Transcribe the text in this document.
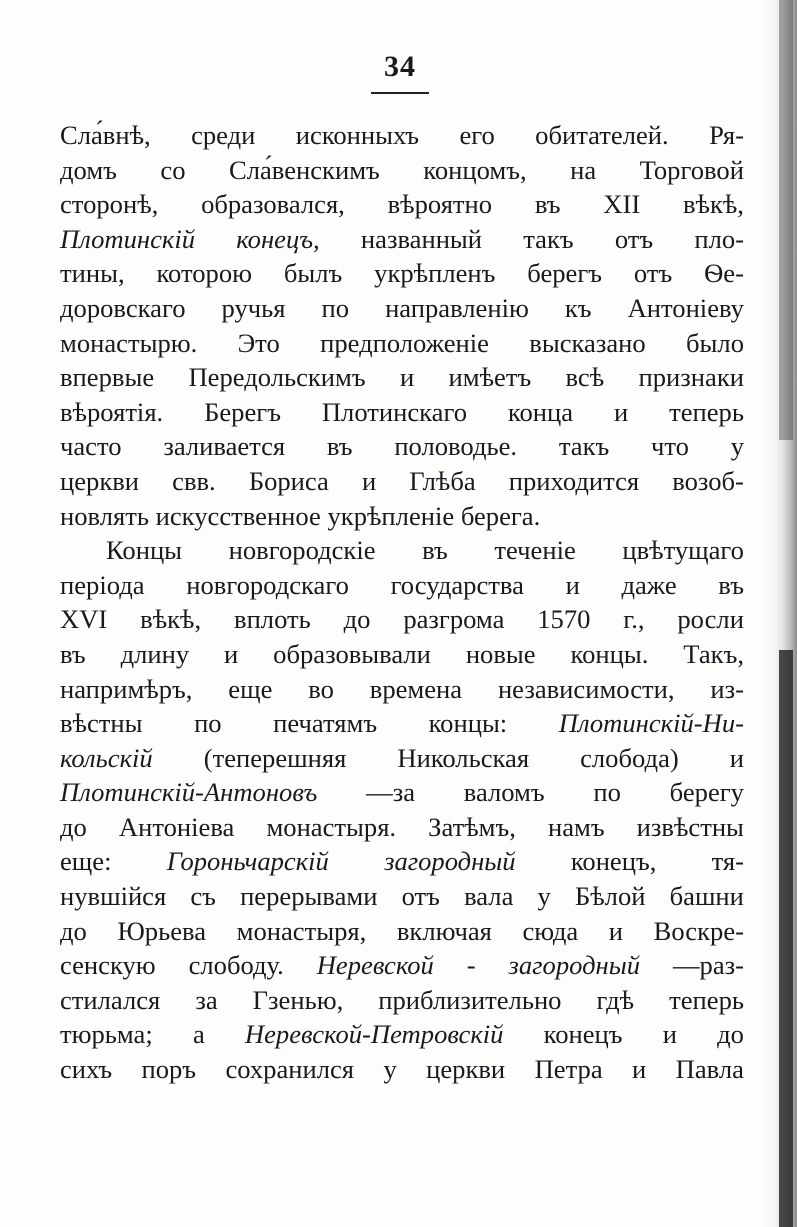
34
Сла́внѣ, среди исконныхъ его обитателей. Ря-
домъ со Сла́венскимъ концомъ, на Торговой
сторонѣ, образовался, вѣроятно въ XII вѣкѣ,
Плотинскій конецъ, названный такъ отъ пло-
тины, которою былъ укрѣпленъ берегъ отъ Ѳе-
доровскаго ручья по направленію къ Антоніеву
монастырю. Это предположеніе высказано было
впервые Передольскимъ и имѣетъ всѣ признаки
вѣроятія. Берегъ Плотинскаго конца и теперь
часто заливается въ половодье. такъ что у
церкви свв. Бориса и Глѣба приходится возоб-
новлять искусственное укрѣпленіе берега.
Концы новгородскіе въ теченіе цвѣтущаго
періода новгородскаго государства и даже въ
XVI вѣкѣ, вплоть до разгрома 1570 г., росли
въ длину и образовывали новые концы. Такъ,
напримѣръ, еще во времена независимости, из-
вѣстны по печатямъ концы: Плотинскій-Ни-
кольскій (теперешняя Никольская слобода) и
Плотинскій-Антоновъ —за валомъ по берегу
до Антоніева монастыря. Затѣмъ, намъ извѣстны
еще: Гороньчарскій загородный конецъ, тя-
нувшійся съ перерывами отъ вала у Бѣлой башни
до Юрьева монастыря, включая сюда и Воскре-
сенскую слободу. Неревской - загородный —раз-
стилался за Гзенью, приблизительно гдѣ теперь
тюрьма; а Неревской-Петровскій конецъ и до
сихъ поръ сохранился у церкви Петра и Павла
